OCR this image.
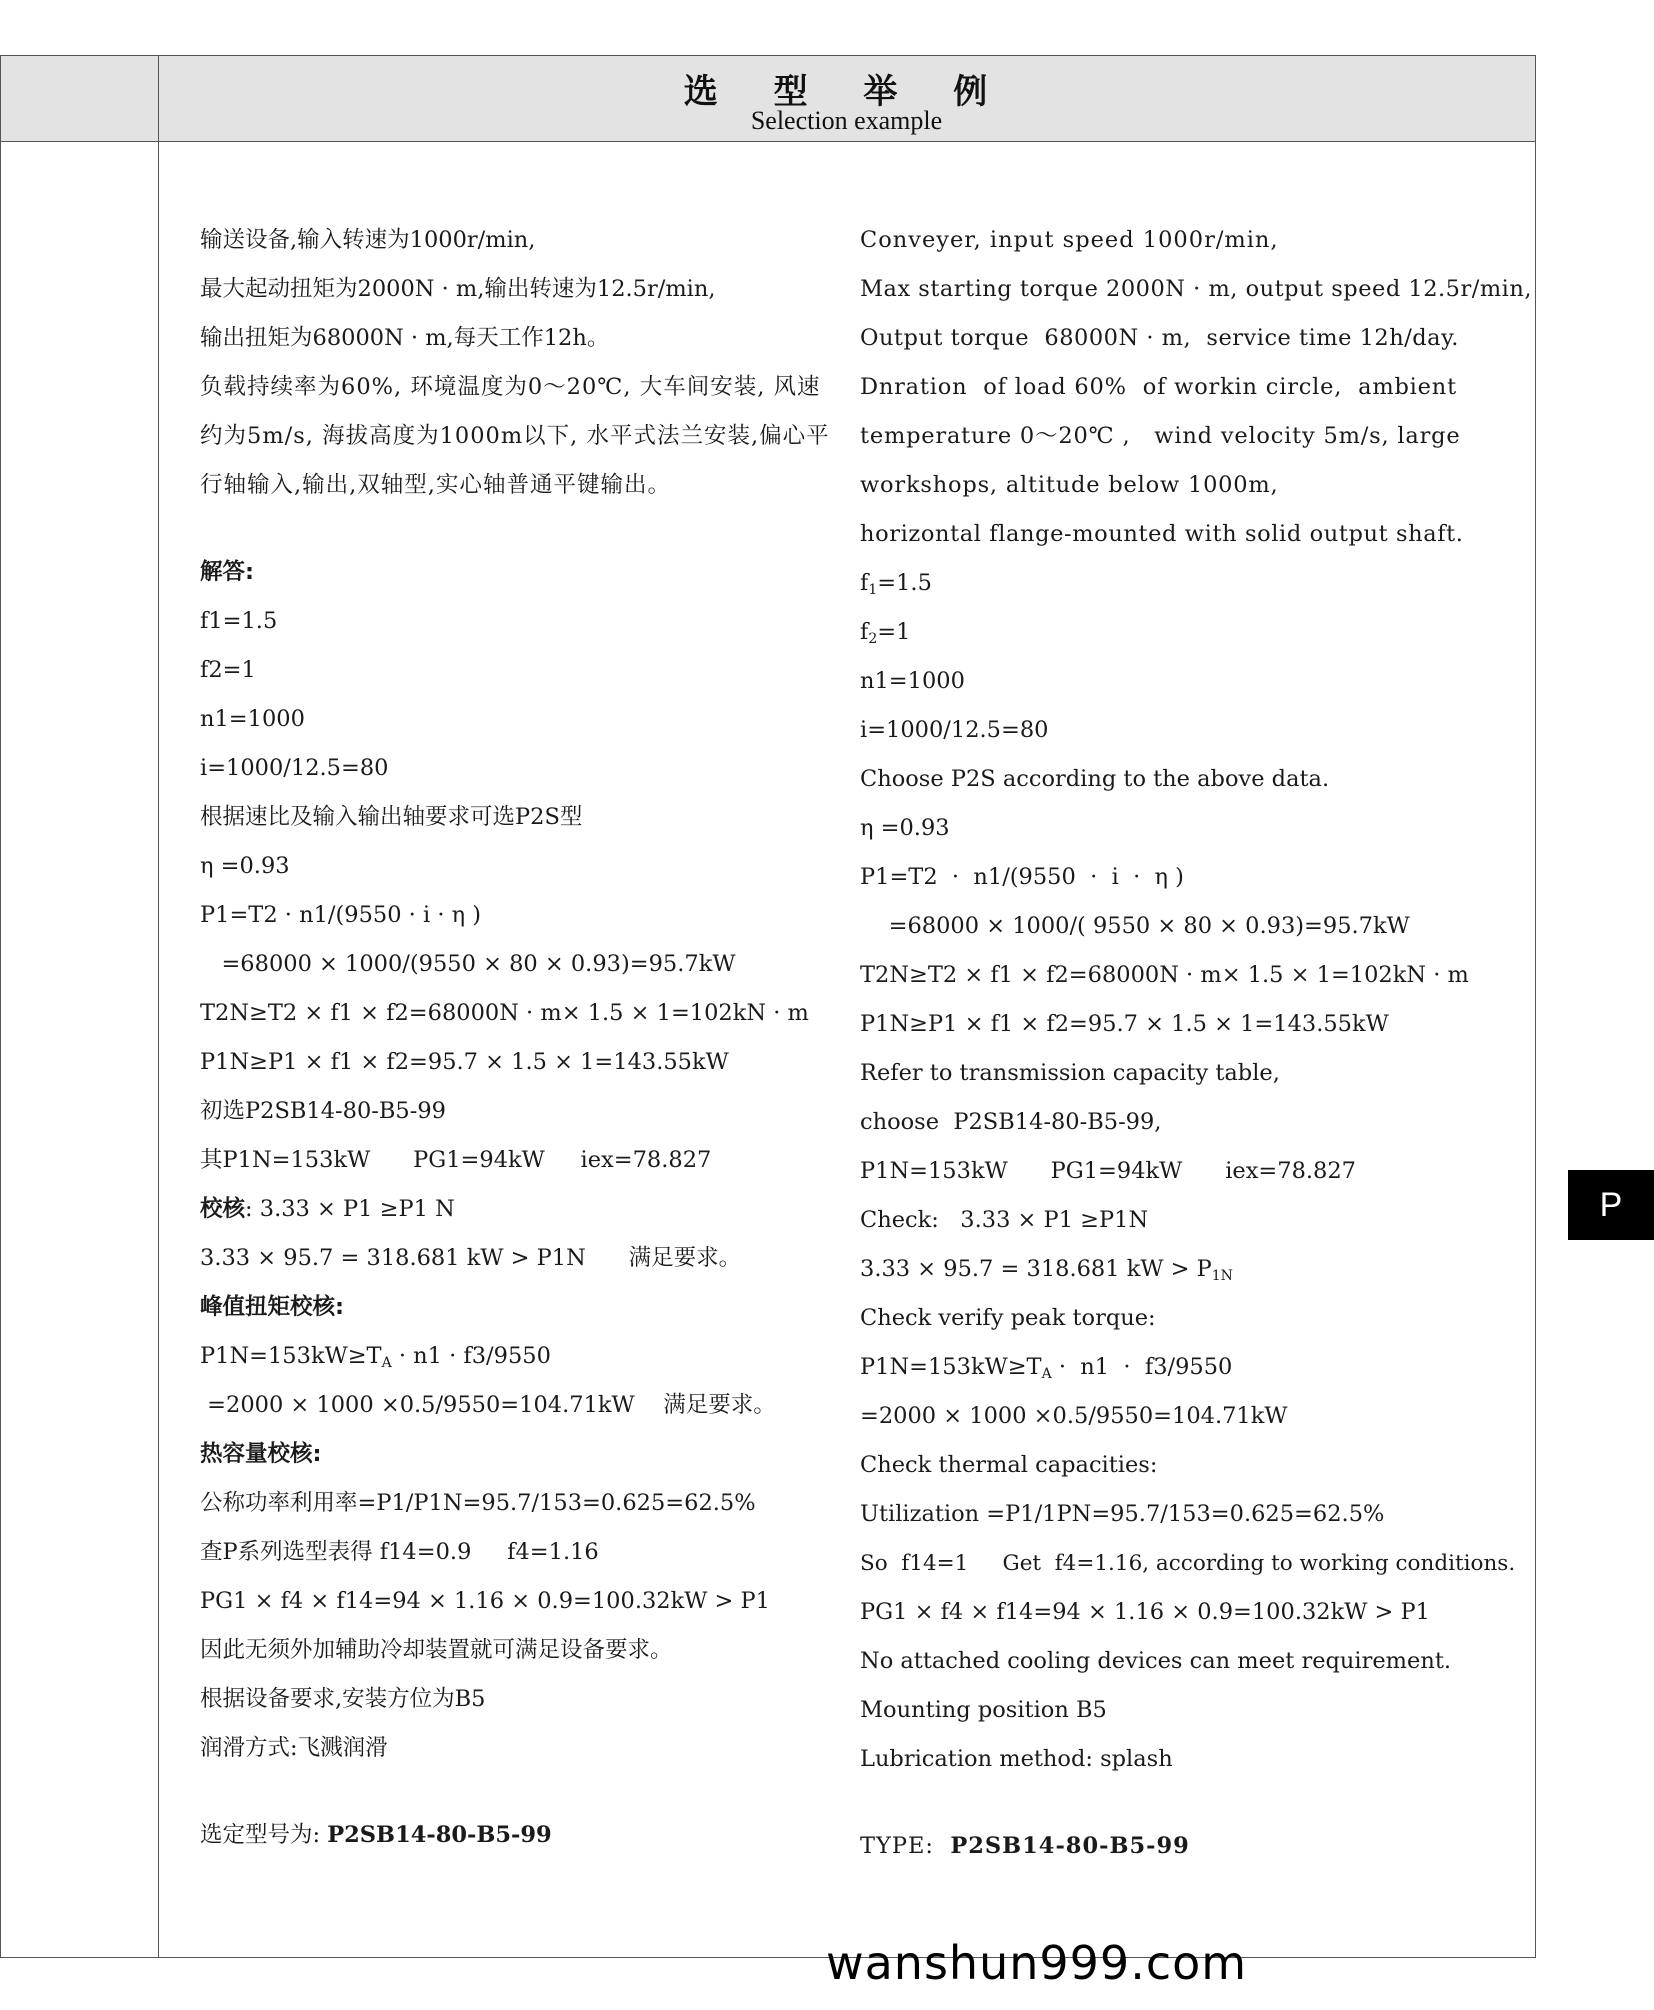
选 型 举 例
Selection example
输送设备,输入转速为1000r/min,
最大起动扭矩为2000N · m,输出转速为12.5r/min,
输出扭矩为68000N · m,每天工作12h。
负载持续率为60%, 环境温度为0～20℃, 大车间安装, 风速约为5m/s, 海拔高度为1000m以下, 水平式法兰安装,偏心平行轴输入,输出,双轴型,实心轴普通平键输出。
解答:
f1=1.5
f2=1
n1=1000
i=1000/12.5=80
根据速比及输入输出轴要求可选P2S型
η =0.93
P1=T2 · n1/(9550 · i · η )
=68000 × 1000/(9550 × 80 × 0.93)=95.7kW
T2N≥T2 × f1 × f2=68000N · m× 1.5 × 1=102kN · m
P1N≥P1 × f1 × f2=95.7 × 1.5 × 1=143.55kW
初选P2SB14-80-B5-99
其P1N=153kW      PG1=94kW     iex=78.827
校核: 3.33 × P1 ≥P1 N
3.33 × 95.7 = 318.681 kW > P1N      满足要求。
峰值扭矩校核:
$P1N=153kW\ge T_A \cdot n1 \cdot f3/9550$
=2000 × 1000 ×0.5/9550=104.71kW    满足要求。
热容量校核:
公称功率利用率=P1/P1N=95.7/153=0.625=62.5%
查P系列选型表得 f14=0.9     f4=1.16
PG1 × f4 × f14=94 × 1.16 × 0.9=100.32kW > P1
因此无须外加辅助冷却装置就可满足设备要求。
根据设备要求,安装方位为B5
润滑方式:飞溅润滑
选定型号为: P2SB14-80-B5-99
Conveyer, input speed 1000r/min,
Max starting torque 2000N · m, output speed 12.5r/min,
Output torque  68000N · m,  service time 12h/day.
Dnration  of load 60%  of workin circle,  ambient
temperature 0～20℃ ,   wind velocity 5m/s, large
workshops, altitude below 1000m,
horizontal flange-mounted with solid output shaft.
$f_1=1.5$
$f_2=1$
n1=1000
i=1000/12.5=80
Choose P2S according to the above data.
η =0.93
P1=T2  ·  n1/(9550  ·  i  ·  η )
=68000 × 1000/( 9550 × 80 × 0.93)=95.7kW
T2N≥T2 × f1 × f2=68000N · m× 1.5 × 1=102kN · m
P1N≥P1 × f1 × f2=95.7 × 1.5 × 1=143.55kW
Refer to transmission capacity table,
choose  P2SB14-80-B5-99,
P1N=153kW      PG1=94kW      iex=78.827
Check:   3.33 × P1 ≥P1N
3.33 × 95.7 = 318.681 kW > $P_{1N}$
Check verify peak torque:
$P1N=153kW\ge T_A \cdot n1 \cdot f3/9550$
=2000 × 1000 ×0.5/9550=104.71kW
Check thermal capacities:
Utilization =P1/1PN=95.7/153=0.625=62.5%
So  f14=1     Get  f4=1.16, according to working conditions.
PG1 × f4 × f14=94 × 1.16 × 0.9=100.32kW > P1
No attached cooling devices can meet requirement.
Mounting position B5
Lubrication method: splash
TYPE:  P2SB14-80-B5-99
P
wanshun999.com
